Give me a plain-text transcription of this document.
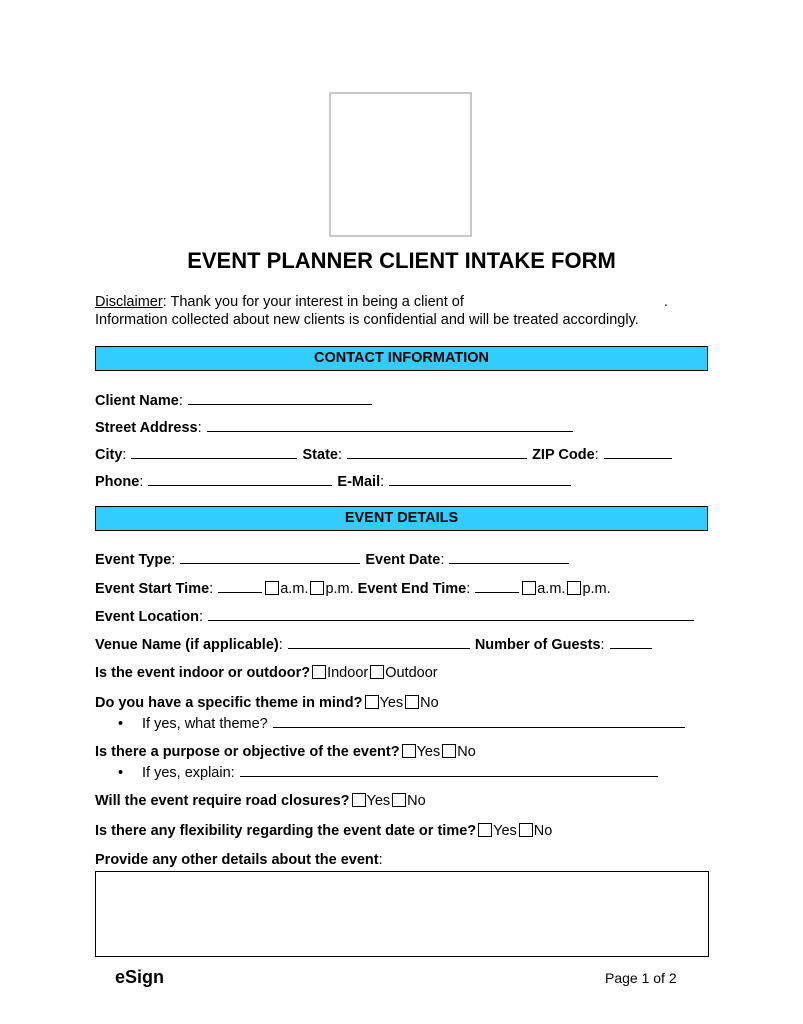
EVENT PLANNER CLIENT INTAKE FORM
Disclaimer: Thank you for your interest in being a client of	.
Information collected about new clients is confidential and will be treated accordingly.
CONTACT INFORMATION
Client Name:
Street Address:
City:	State:	ZIP Code:
Phone:	E-Mail:
EVENT DETAILS
Event Type:	Event Date:
Event Start Time:	a.m. p.m. Event End Time:	a.m. p.m.
Event Location:
Venue Name (if applicable):	Number of Guests:
Is the event indoor or outdoor? Indoor Outdoor
Do you have a specific theme in mind? Yes No
• If yes, what theme?
Is there a purpose or objective of the event? Yes No
• If yes, explain:
Will the event require road closures? Yes No
Is there any flexibility regarding the event date or time? Yes No
Provide any other details about the event:
eSign	Page 1 of 2
